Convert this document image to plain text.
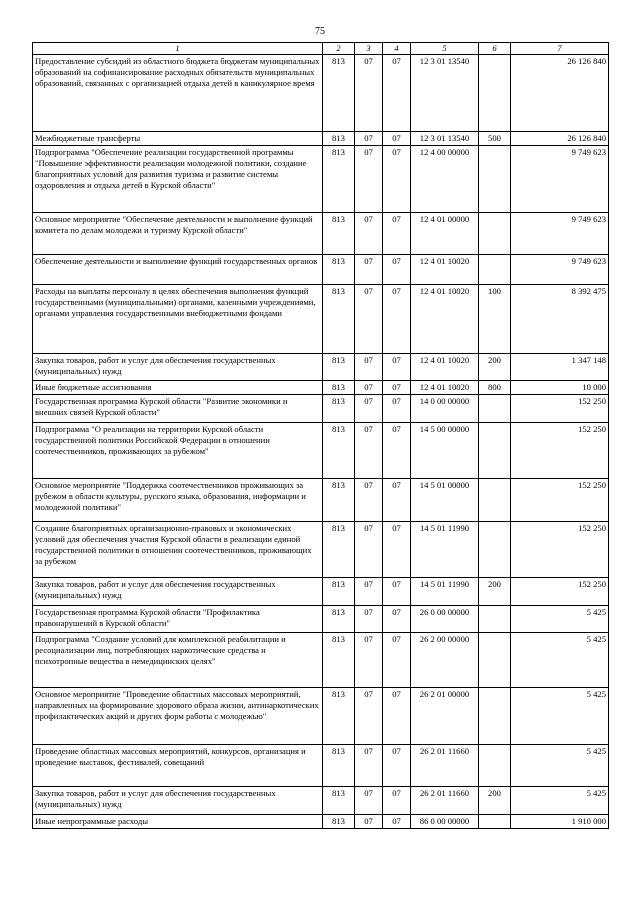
75
1	2	3	4	5	6	7
Предоставление субсидий из областного бюджета бюджетам муниципальных образований на софинансирование расходных обязательств муниципальных образований, связанных с организацией отдыха детей в каникулярное время	813	07	07	12 3 01 13540		26 126 840
Межбюджетные трансферты	813	07	07	12 3 01 13540	500	26 126 840
Подпрограмма "Обеспечение реализации государственной программы "Повышение эффективности реализации молодежной политики, создание благоприятных условий для развития туризма и развитие системы оздоровления и отдыха детей в Курской области"	813	07	07	12 4 00 00000		9 749 623
Основное мероприятие "Обеспечение деятельности и выполнение функций комитета по делам молодежи и туризму Курской области"	813	07	07	12 4 01 00000		9 749 623
Обеспечение деятельности и выполнение функций государственных органов	813	07	07	12 4 01 10020		9 749 623
Расходы на выплаты персоналу в целях обеспечения выполнения функций государственными (муниципальными) органами, казенными учреждениями, органами управления государственными внебюджетными фондами	813	07	07	12 4 01 10020	100	8 392 475
Закупка товаров, работ и услуг для обеспечения государственных (муниципальных) нужд	813	07	07	12 4 01 10020	200	1 347 148
Иные бюджетные ассигнования	813	07	07	12 4 01 10020	800	10 000
Государственная программа Курской области "Развитие экономики и внешних связей Курской области"	813	07	07	14 0 00 00000		152 250
Подпрограмма "О реализации на территории Курской области государственной политики Российской Федерации в отношении соотечественников, проживающих за рубежом"	813	07	07	14 5 00 00000		152 250
Основное мероприятие "Поддержка соотечественников проживающих за рубежом в области культуры, русского языка, образования, информации и молодежной политики"	813	07	07	14 5 01 00000		152 250
Создание благоприятных организационно-правовых и экономических условий для обеспечения участия Курской области в реализации единой государственной политики в отношении соотечественников, проживающих за рубежом	813	07	07	14 5 01 11990		152 250
Закупка товаров, работ и услуг для обеспечения государственных (муниципальных) нужд	813	07	07	14 5 01 11990	200	152 250
Государственная программа Курской области "Профилактика правонарушений в Курской области"	813	07	07	26 0 00 00000		5 425
Подпрограмма "Создание условий для комплексной реабилитации и ресоциализации лиц, потребляющих наркотические средства и психотропные вещества в немедицинских целях"	813	07	07	26 2 00 00000		5 425
Основное мероприятие "Проведение областных массовых мероприятий, направленных на формирование здорового образа жизни, антинаркотических профилактических акций и других форм работы с молодежью"	813	07	07	26 2 01 00000		5 425
Проведение областных массовых мероприятий, конкурсов, организация и проведение выставок, фестивалей, совещаний	813	07	07	26 2 01 11660		5 425
Закупка товаров, работ и услуг для обеспечения государственных (муниципальных) нужд	813	07	07	26 2 01 11660	200	5 425
Иные непрограммные расходы	813	07	07	86 0 00 00000		1 910 000
